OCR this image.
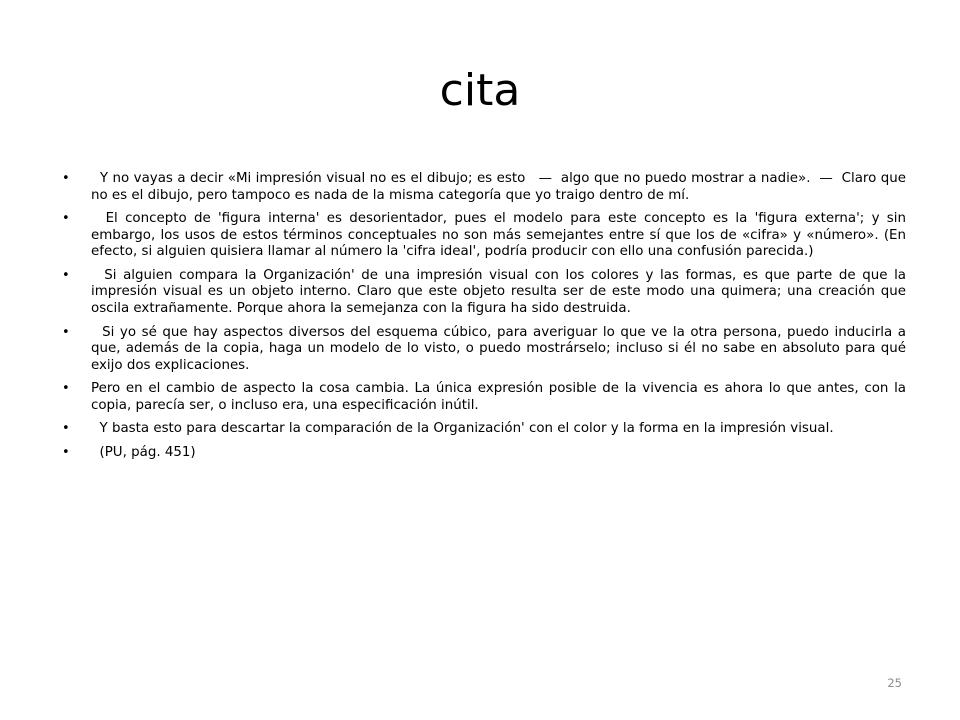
cita
• Y no vayas a decir «Mi impresión visual no es el dibujo; es esto   —  algo que no puedo mostrar a nadie».  —  Claro que no es el dibujo, pero tampoco es nada de la misma categoría que yo traigo dentro de mí.
• El concepto de 'figura interna' es desorientador, pues el modelo para este concepto es la 'figura externa'; y sin embargo, los usos de estos términos conceptuales no son más semejantes entre sí que los de «cifra» y «número». (En efecto, si alguien quisiera llamar al número la 'cifra ideal', podría producir con ello una confusión parecida.)
• Si alguien compara la Organización' de una impresión visual con los colores y las formas, es que parte de que la impresión visual es un objeto interno. Claro que este objeto resulta ser de este modo una quimera; una creación que oscila extrañamente. Porque ahora la semejanza con la figura ha sido destruida.
• Si yo sé que hay aspectos diversos del esquema cúbico, para averiguar lo que ve la otra persona, puedo inducirla a que, además de la copia, haga un modelo de lo visto, o puedo mostrárselo; incluso si él no sabe en absoluto para qué exijo dos explicaciones.
• Pero en el cambio de aspecto la cosa cambia. La única expresión posible de la vivencia es ahora lo que antes, con la copia, parecía ser, o incluso era, una especificación inútil.
• Y basta esto para descartar la comparación de la Organización' con el color y la forma en la impresión visual.
• (PU, pág. 451)
25
